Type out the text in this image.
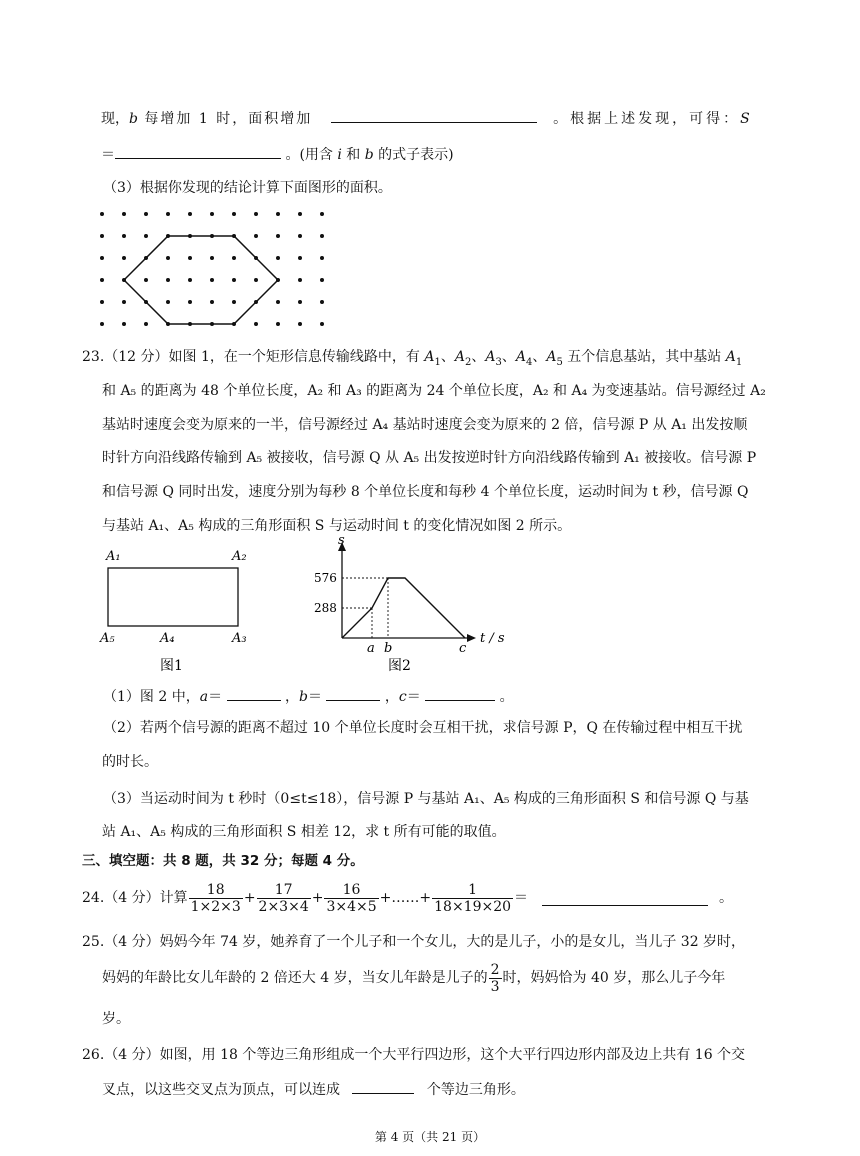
现，b 每增加 1 时，面积增加	。根据上述发现，可得：S
＝	。(用含 i 和 b 的式子表示)
（3）根据你发现的结论计算下面图形的面积。
23.（12 分）如图 1，在一个矩形信息传输线路中，有 $A_1$、$A_2$、$A_3$、$A_4$、$A_5$ 五个信息基站，其中基站 $A_1$
和 A₅ 的距离为 48 个单位长度，A₂ 和 A₃ 的距离为 24 个单位长度，A₂ 和 A₄ 为变速基站。信号源经过 A₂
基站时速度会变为原来的一半，信号源经过 A₄ 基站时速度会变为原来的 2 倍，信号源 P 从 A₁ 出发按顺
时针方向沿线路传输到 A₅ 被接收，信号源 Q 从 A₅ 出发按逆时针方向沿线路传输到 A₁ 被接收。信号源 P
和信号源 Q 同时出发，速度分别为每秒 8 个单位长度和每秒 4 个单位长度，运动时间为 t 秒，信号源 Q
与基站 A₁、A₅ 构成的三角形面积 S 与运动时间 t 的变化情况如图 2 所示。
A₁	A₂
A₅	A₄	A₃
图1
s
t / s
576
288
a b	c
图2
（1）图 2 中，a＝	，b＝	，c＝	。
（2）若两个信号源的距离不超过 10 个单位长度时会互相干扰，求信号源 P，Q 在传输过程中相互干扰
的时长。
（3）当运动时间为 t 秒时（0≤t≤18），信号源 P 与基站 A₁、A₅ 构成的三角形面积 S 和信号源 Q 与基
站 A₁、A₅ 构成的三角形面积 S 相差 12，求 t 所有可能的取值。
三、填空题：共 8 题，共 32 分；每题 4 分。
24.（4 分）计算 $\frac{18}{1\times 2\times 3} + \frac{17}{2\times 3\times 4} + \frac{16}{3\times 4\times 5}$ +……+ $\frac{1}{18\times 19\times 20}$ ＝	。
25.（4 分）妈妈今年 74 岁，她养育了一个儿子和一个女儿，大的是儿子，小的是女儿，当儿子 32 岁时，
妈妈的年龄比女儿年龄的 2 倍还大 4 岁，当女儿年龄是儿子的 $\frac{2}{3}$ 时，妈妈恰为 40 岁，那么儿子今年
岁。
26.（4 分）如图，用 18 个等边三角形组成一个大平行四边形，这个大平行四边形内部及边上共有 16 个交
叉点，以这些交叉点为顶点，可以连成	个等边三角形。
第 4 页（共 21 页）
